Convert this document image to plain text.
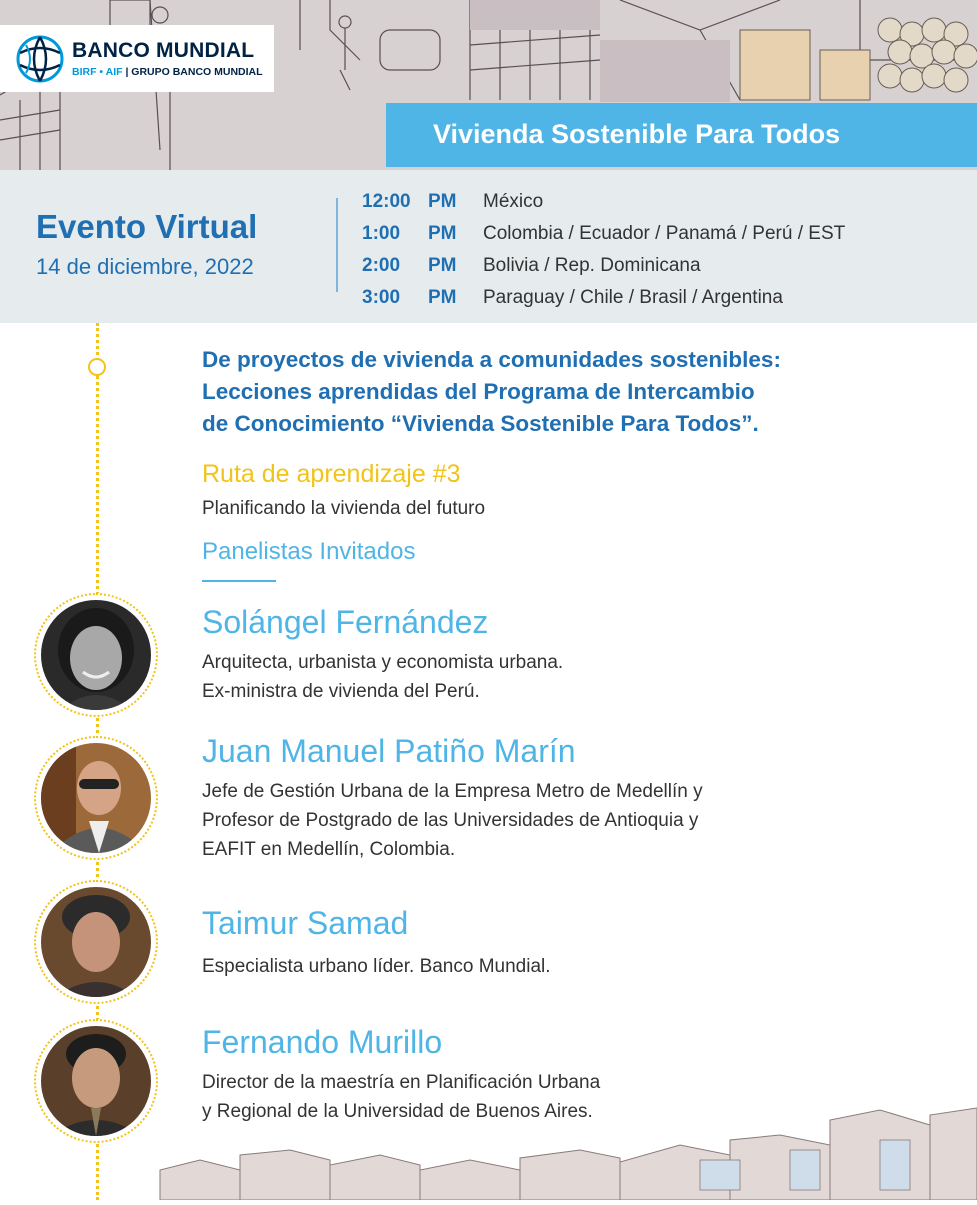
BANCO MUNDIAL
BIRF • AIF | GRUPO BANCO MUNDIAL
Vivienda Sostenible Para Todos
Evento Virtual
14 de diciembre, 2022
12:00 PM México
1:00	PM Colombia / Ecuador / Panamá / Perú / EST
2:00	PM Bolivia / Rep. Dominicana
3:00	PM Paraguay / Chile / Brasil / Argentina
De proyectos de vivienda a comunidades sostenibles:
Lecciones aprendidas del Programa de Intercambio
de Conocimiento “Vivienda Sostenible Para Todos”.
Ruta de aprendizaje #3
Planificando la vivienda del futuro
Panelistas Invitados
Solángel Fernández
Arquitecta, urbanista y economista urbana.
Ex-ministra de vivienda del Perú.
Juan Manuel Patiño Marín
Jefe de Gestión Urbana de la Empresa Metro de Medellín y
Profesor de Postgrado de las Universidades de Antioquia y
EAFIT en Medellín, Colombia.
Taimur Samad
Especialista urbano líder. Banco Mundial.
Fernando Murillo
Director de la maestría en Planificación Urbana
y Regional de la Universidad de Buenos Aires.
